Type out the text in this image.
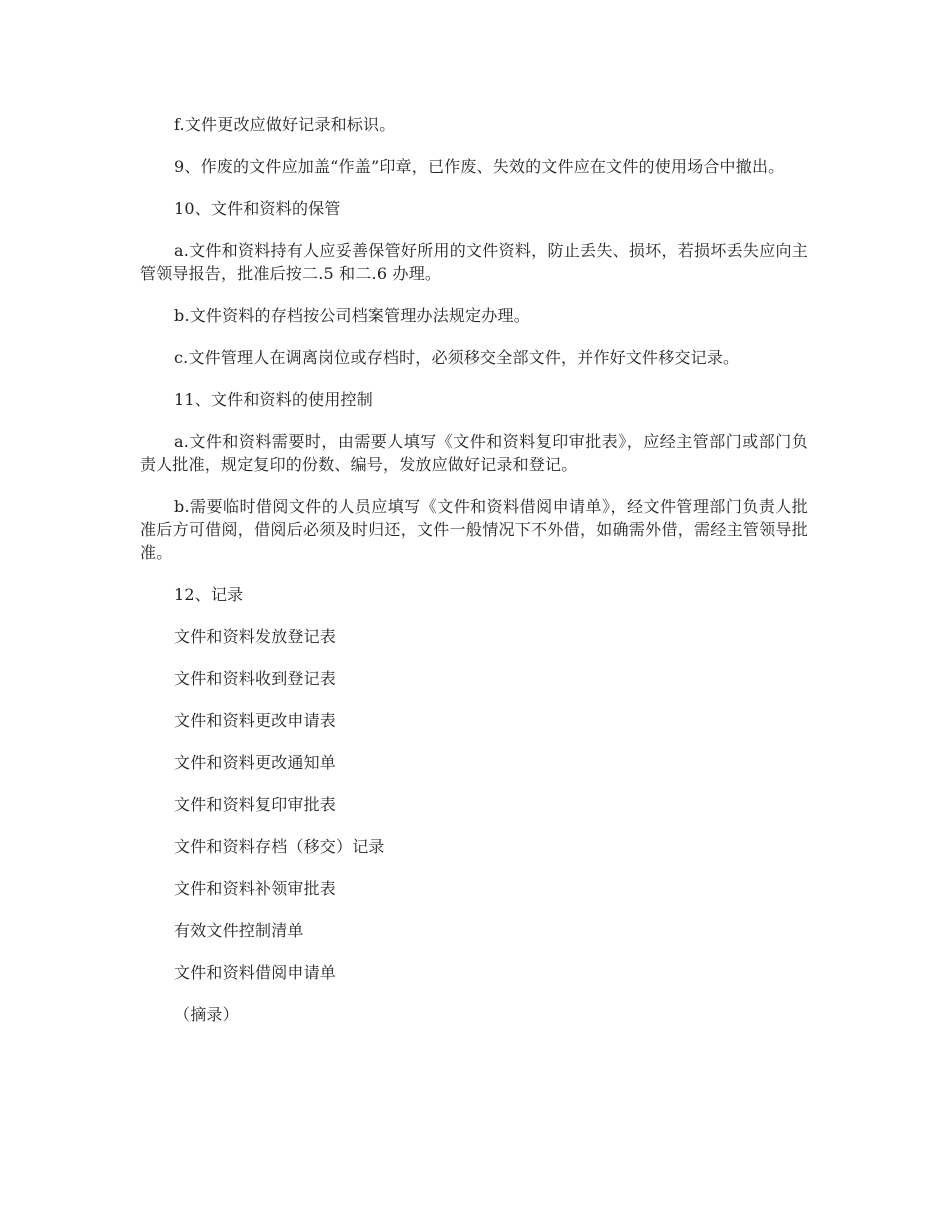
f.文件更改应做好记录和标识。

9、作废的文件应加盖“作盖”印章，已作废、失效的文件应在文件的使用场合中撤出。

10、文件和资料的保管

a.文件和资料持有人应妥善保管好所用的文件资料，防止丢失、损坏，若损坏丢失应向主管领导报告，批准后按二.5 和二.6 办理。

b.文件资料的存档按公司档案管理办法规定办理。

c.文件管理人在调离岗位或存档时，必须移交全部文件，并作好文件移交记录。

11、文件和资料的使用控制

a.文件和资料需要时，由需要人填写《文件和资料复印审批表》，应经主管部门或部门负责人批准，规定复印的份数、编号，发放应做好记录和登记。

b.需要临时借阅文件的人员应填写《文件和资料借阅申请单》，经文件管理部门负责人批准后方可借阅，借阅后必须及时归还，文件一般情况下不外借，如确需外借，需经主管领导批准。

12、记录

文件和资料发放登记表

文件和资料收到登记表

文件和资料更改申请表

文件和资料更改通知单

文件和资料复印审批表

文件和资料存档（移交）记录

文件和资料补领审批表

有效文件控制清单

文件和资料借阅申请单

（摘录）
